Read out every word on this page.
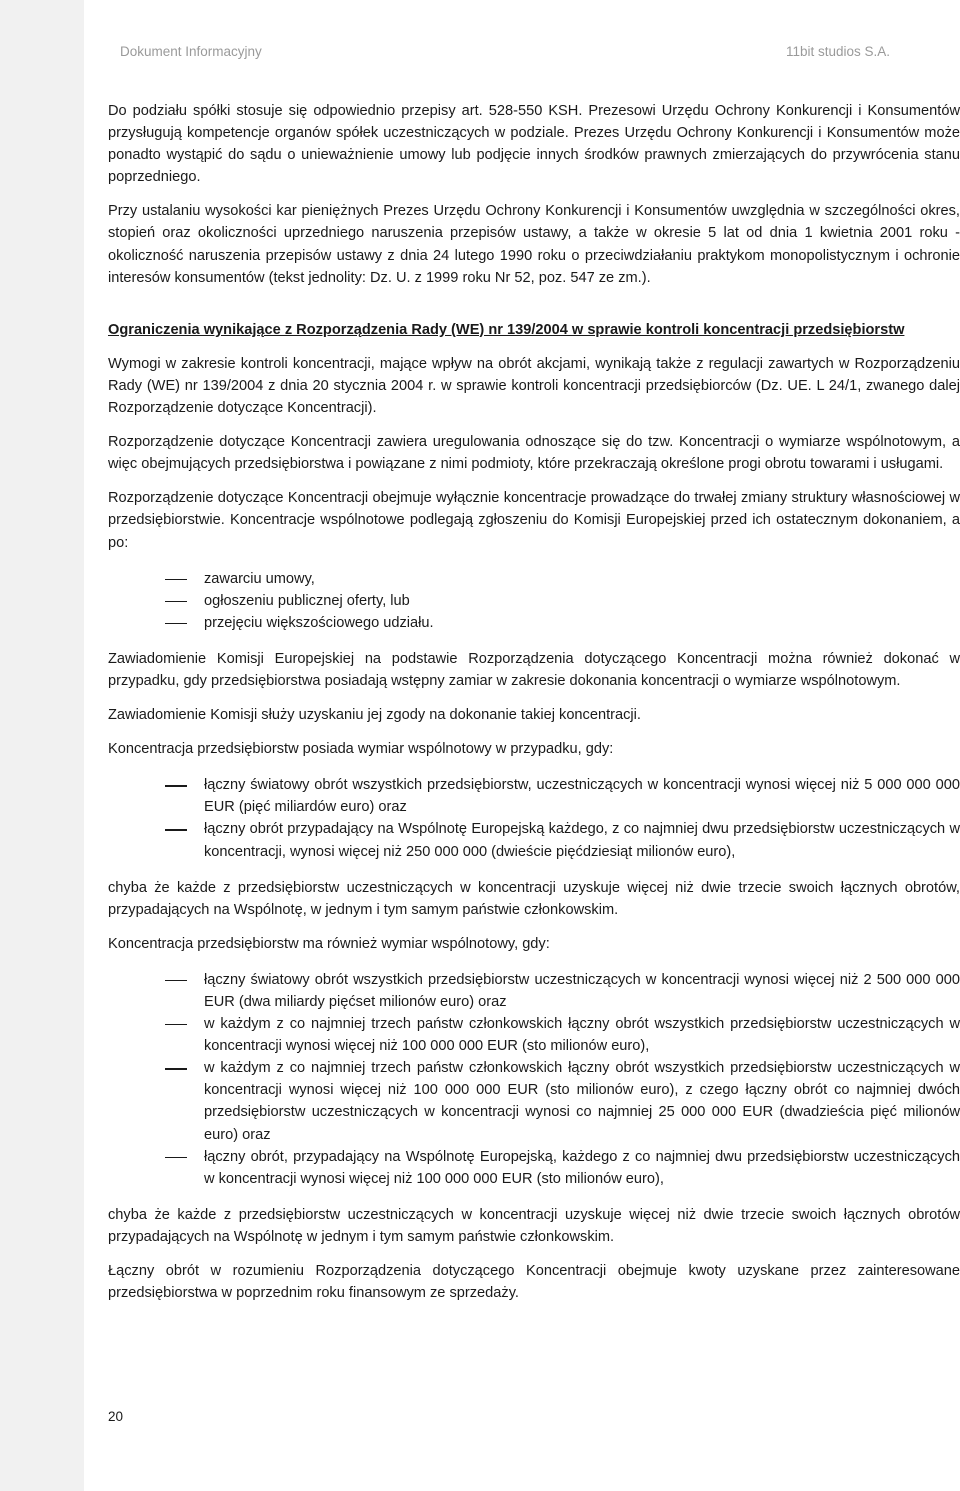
Dokument Informacyjny	11bit studios S.A.

Do podziału spółki stosuje się odpowiednio przepisy art. 528-550 KSH. Prezesowi Urzędu Ochrony Konkurencji i Konsumentów przysługują kompetencje organów spółek uczestniczących w podziale. Prezes Urzędu Ochrony Konkurencji i Konsumentów może ponadto wystąpić do sądu o unieważnienie umowy lub podjęcie innych środków prawnych zmierzających do przywrócenia stanu poprzedniego.

Przy ustalaniu wysokości kar pieniężnych Prezes Urzędu Ochrony Konkurencji i Konsumentów uwzględnia w szczególności okres, stopień oraz okoliczności uprzedniego naruszenia przepisów ustawy, a także w okresie 5 lat od dnia 1 kwietnia 2001 roku - okoliczność naruszenia przepisów ustawy z dnia 24 lutego 1990 roku o przeciwdziałaniu praktykom monopolistycznym i ochronie interesów konsumentów (tekst jednolity: Dz. U. z 1999 roku Nr 52, poz. 547 ze zm.).

Ograniczenia wynikające z Rozporządzenia Rady (WE) nr 139/2004 w sprawie kontroli koncentracji przedsiębiorstw

Wymogi w zakresie kontroli koncentracji, mające wpływ na obrót akcjami, wynikają także z regulacji zawartych w Rozporządzeniu Rady (WE) nr 139/2004 z dnia 20 stycznia 2004 r. w sprawie kontroli koncentracji przedsiębiorców (Dz. UE. L 24/1, zwanego dalej Rozporządzenie dotyczące Koncentracji).

Rozporządzenie dotyczące Koncentracji zawiera uregulowania odnoszące się do tzw. Koncentracji o wymiarze wspólnotowym, a więc obejmujących przedsiębiorstwa i powiązane z nimi podmioty, które przekraczają określone progi obrotu towarami i usługami.

Rozporządzenie dotyczące Koncentracji obejmuje wyłącznie koncentracje prowadzące do trwałej zmiany struktury własnościowej w przedsiębiorstwie. Koncentracje wspólnotowe podlegają zgłoszeniu do Komisji Europejskiej przed ich ostatecznym dokonaniem, a po:

zawarciu umowy,
ogłoszeniu publicznej oferty, lub
przejęciu większościowego udziału.

Zawiadomienie Komisji Europejskiej na podstawie Rozporządzenia dotyczącego Koncentracji można również dokonać w przypadku, gdy przedsiębiorstwa posiadają wstępny zamiar w zakresie dokonania koncentracji o wymiarze wspólnotowym.

Zawiadomienie Komisji służy uzyskaniu jej zgody na dokonanie takiej koncentracji.

Koncentracja przedsiębiorstw posiada wymiar wspólnotowy w przypadku, gdy:

łączny światowy obrót wszystkich przedsiębiorstw, uczestniczących w koncentracji wynosi więcej niż 5 000 000 000 EUR (pięć miliardów euro) oraz
łączny obrót przypadający na Wspólnotę Europejską każdego, z co najmniej dwu przedsiębiorstw uczestniczących w koncentracji, wynosi więcej niż 250 000 000 (dwieście pięćdziesiąt milionów euro),

chyba że każde z przedsiębiorstw uczestniczących w koncentracji uzyskuje więcej niż dwie trzecie swoich łącznych obrotów, przypadających na Wspólnotę, w jednym i tym samym państwie członkowskim.

Koncentracja przedsiębiorstw ma również wymiar wspólnotowy, gdy:

łączny światowy obrót wszystkich przedsiębiorstw uczestniczących w koncentracji wynosi więcej niż 2 500 000 000 EUR (dwa miliardy pięćset milionów euro) oraz
w każdym z co najmniej trzech państw członkowskich łączny obrót wszystkich przedsiębiorstw uczestniczących w koncentracji wynosi więcej niż 100 000 000 EUR (sto milionów euro),
w każdym z co najmniej trzech państw członkowskich łączny obrót wszystkich przedsiębiorstw uczestniczących w koncentracji wynosi więcej niż 100 000 000 EUR (sto milionów euro), z czego łączny obrót co najmniej dwóch przedsiębiorstw uczestniczących w koncentracji wynosi co najmniej 25 000 000 EUR (dwadzieścia pięć milionów euro) oraz
łączny obrót, przypadający na Wspólnotę Europejską, każdego z co najmniej dwu przedsiębiorstw uczestniczących w koncentracji wynosi więcej niż 100 000 000 EUR (sto milionów euro),

chyba że każde z przedsiębiorstw uczestniczących w koncentracji uzyskuje więcej niż dwie trzecie swoich łącznych obrotów przypadających na Wspólnotę w jednym i tym samym państwie członkowskim.

Łączny obrót w rozumieniu Rozporządzenia dotyczącego Koncentracji obejmuje kwoty uzyskane przez zainteresowane przedsiębiorstwa w poprzednim roku finansowym ze sprzedaży.

20
